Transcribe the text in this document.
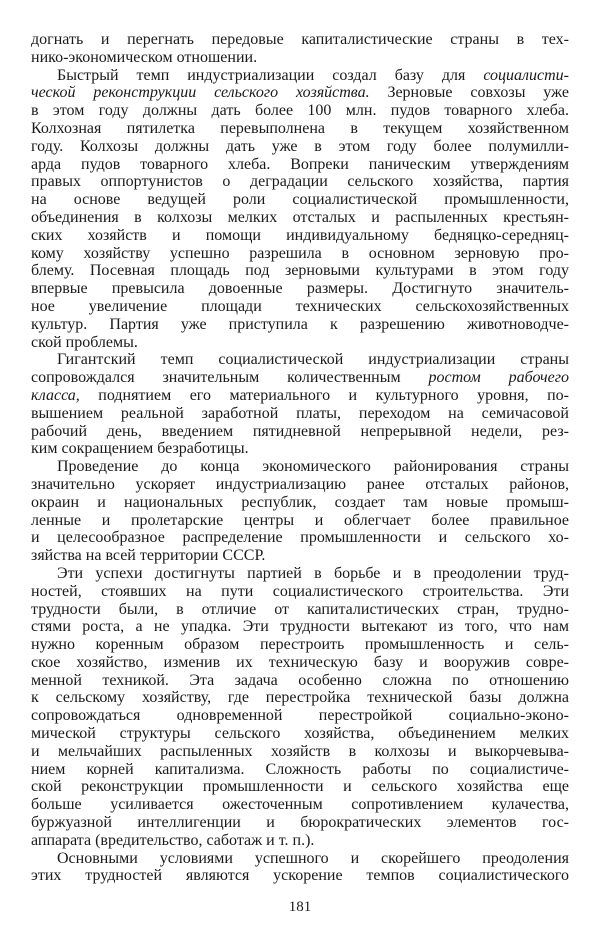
догнать и перегнать передовые капиталистические страны в тех-
нико-экономическом отношении.
Быстрый темп индустриализации создал базу для социалисти-
ческой реконструкции сельского хозяйства. Зерновые совхозы уже
в этом году должны дать более 100 млн. пудов товарного хлеба.
Колхозная пятилетка перевыполнена в текущем хозяйственном
году. Колхозы должны дать уже в этом году более полумилли-
арда пудов товарного хлеба. Вопреки паническим утверждениям
правых оппортунистов о деградации сельского хозяйства, партия
на основе ведущей роли социалистической промышленности,
объединения в колхозы мелких отсталых и распыленных крестьян-
ских хозяйств и помощи индивидуальному бедняцко-середняц-
кому хозяйству успешно разрешила в основном зерновую про-
блему. Посевная площадь под зерновыми культурами в этом году
впервые превысила довоенные размеры. Достигнуто значитель-
ное увеличение площади технических сельскохозяйственных
культур. Партия уже приступила к разрешению животноводче-
ской проблемы.
Гигантский темп социалистической индустриализации страны
сопровождался значительным количественным ростом рабочего
класса, поднятием его материального и культурного уровня, по-
вышением реальной заработной платы, переходом на семичасовой
рабочий день, введением пятидневной непрерывной недели, рез-
ким сокращением безработицы.
Проведение до конца экономического районирования страны
значительно ускоряет индустриализацию ранее отсталых районов,
окраин и национальных республик, создает там новые промыш-
ленные и пролетарские центры и облегчает более правильное
и целесообразное распределение промышленности и сельского хо-
зяйства на всей территории СССР.
Эти успехи достигнуты партией в борьбе и в преодолении труд-
ностей, стоявших на пути социалистического строительства. Эти
трудности были, в отличие от капиталистических стран, трудно-
стями роста, а не упадка. Эти трудности вытекают из того, что нам
нужно коренным образом перестроить промышленность и сель-
ское хозяйство, изменив их техническую базу и вооружив совре-
менной техникой. Эта задача особенно сложна по отношению
к сельскому хозяйству, где перестройка технической базы должна
сопровождаться одновременной перестройкой социально-эконо-
мической структуры сельского хозяйства, объединением мелких
и мельчайших распыленных хозяйств в колхозы и выкорчевыва-
нием корней капитализма. Сложность работы по социалистиче-
ской реконструкции промышленности и сельского хозяйства еще
больше усиливается ожесточенным сопротивлением кулачества,
буржуазной интеллигенции и бюрократических элементов гос-
аппарата (вредительство, саботаж и т. п.).
Основными условиями успешного и скорейшего преодоления
этих трудностей являются ускорение темпов социалистического
181
